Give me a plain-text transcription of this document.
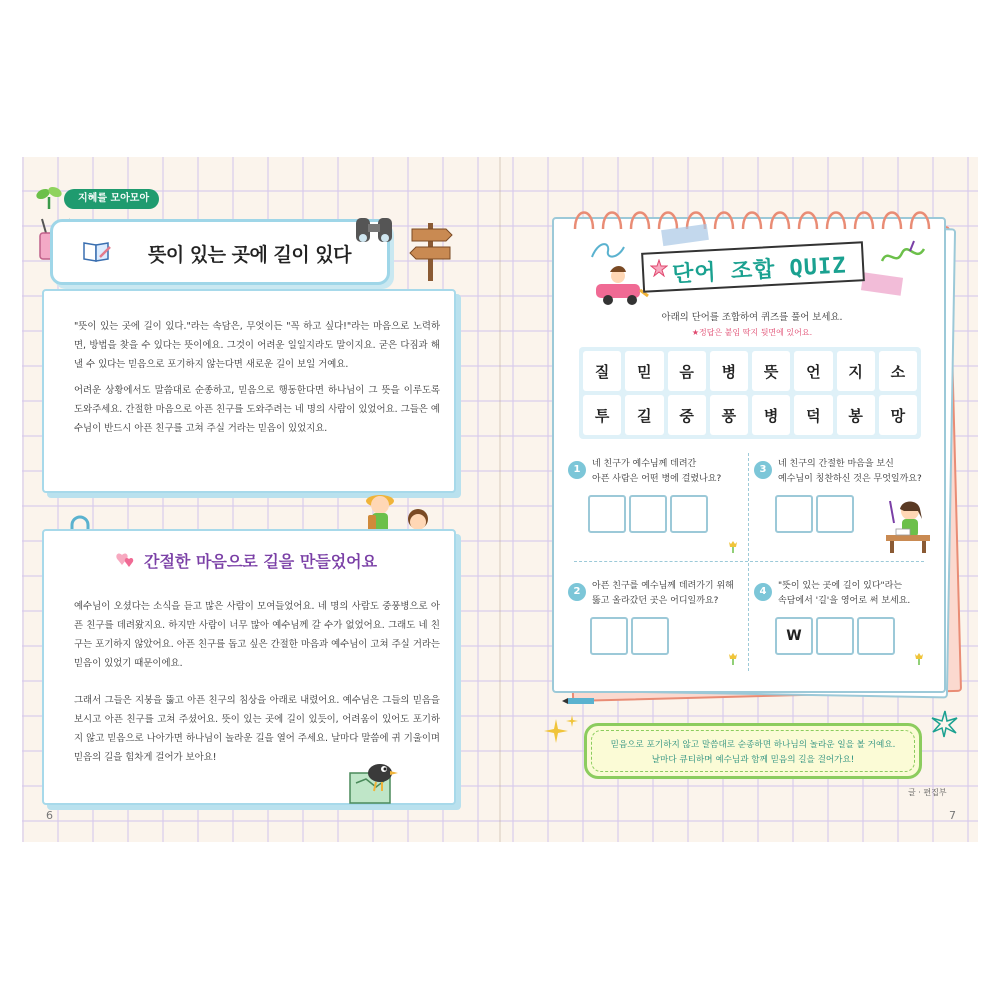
지혜를 모아모아
뜻이 있는 곳에 길이 있다

"뜻이 있는 곳에 길이 있다."라는 속담은, 무엇이든 "꼭 하고 싶다!"라는 마음으로 노력하면, 방법을 찾을 수 있다는 뜻이에요. 그것이 어려운 일일지라도 말이지요. 굳은 다짐과 해낼 수 있다는 믿음으로 포기하지 않는다면 새로운 길이 보일 거예요.

어려운 상황에서도 말씀대로 순종하고, 믿음으로 행동한다면 하나님이 그 뜻을 이루도록 도와주세요. 간절한 마음으로 아픈 친구를 도와주려는 네 명의 사람이 있었어요. 그들은 예수님이 반드시 아픈 친구를 고쳐 주실 거라는 믿음이 있었지요.

간절한 마음으로 길을 만들었어요

예수님이 오셨다는 소식을 듣고 많은 사람이 모여들었어요. 네 명의 사람도 중풍병으로 아픈 친구를 데려왔지요. 하지만 사람이 너무 많아 예수님께 갈 수가 없었어요. 그래도 네 친구는 포기하지 않았어요. 아픈 친구를 돕고 싶은 간절한 마음과 예수님이 고쳐 주실 거라는 믿음이 있었기 때문이에요.

그래서 그들은 지붕을 뚫고 아픈 친구의 침상을 아래로 내렸어요. 예수님은 그들의 믿음을 보시고 아픈 친구를 고쳐 주셨어요. 뜻이 있는 곳에 길이 있듯이, 어려움이 있어도 포기하지 않고 믿음으로 나아가면 하나님이 놀라운 길을 열어 주세요. 날마다 말씀에 귀 기울이며 믿음의 길을 힘차게 걸어가 보아요!

6
단어 조합 QUIZ
아래의 단어를 조합하여 퀴즈를 풀어 보세요.
★정답은 붙임 딱지 뒷면에 있어요.
질	믿	음	병	뜻	언	지	소
투	길	중	풍	병	덕	봉	망
1	네 친구가 예수님께 데려간
아픈 사람은 어떤 병에 걸렸나요?
3	네 친구의 간절한 마음을 보신
예수님이 칭찬하신 것은 무엇일까요?
2	아픈 친구를 예수님께 데려가기 위해
뚫고 올라갔던 곳은 어디일까요?
4	"뜻이 있는 곳에 길이 있다"라는
속담에서 '길'을 영어로 써 보세요.
W

믿음으로 포기하지 않고 말씀대로 순종하면 하나님의 놀라운 일을 볼 거예요.
날마다 큐티하며 예수님과 함께 믿음의 길을 걸어가요!

글 · 편집부
7
